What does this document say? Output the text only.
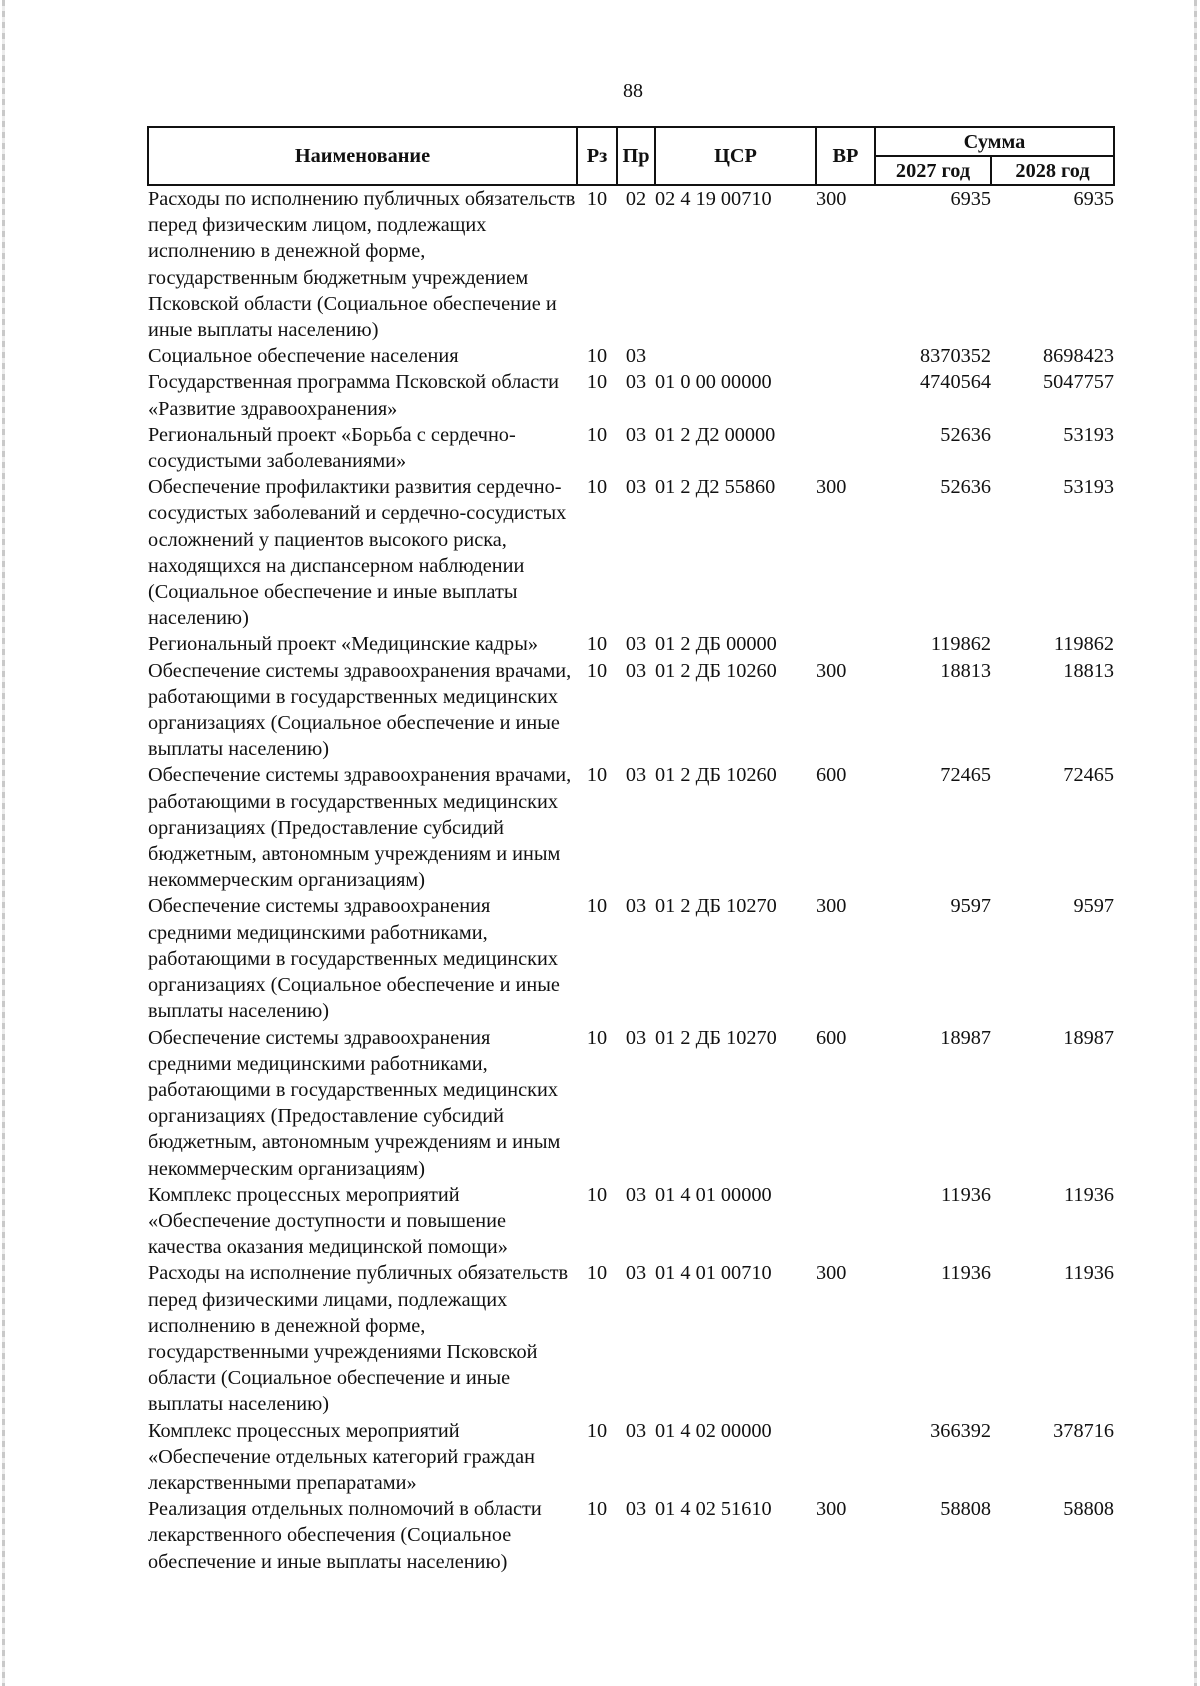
88
Наименование	Рз	Пр	ЦСР	ВР	Сумма	
					2027 год	2028 год
Расходы по исполнению публичных обязательств перед физическим лицом, подлежащих исполнению в денежной форме, государственным бюджетным учреждением Псковской области (Социальное обеспечение и иные выплаты населению)	10	02	02 4 19 00710	300	6935	6935
Социальное обеспечение населения	10	03			8370352	8698423
Государственная программа Псковской области «Развитие здравоохранения»	10	03	01 0 00 00000		4740564	5047757
Региональный проект «Борьба с сердечно-сосудистыми заболеваниями»	10	03	01 2 Д2 00000		52636	53193
Обеспечение профилактики развития сердечно-сосудистых заболеваний и сердечно-сосудистых осложнений у пациентов высокого риска, находящихся на диспансерном наблюдении (Социальное обеспечение и иные выплаты населению)	10	03	01 2 Д2 55860	300	52636	53193
Региональный проект «Медицинские кадры»	10	03	01 2 ДБ 00000		119862	119862
Обеспечение системы здравоохранения врачами, работающими в государственных медицинских организациях (Социальное обеспечение и иные выплаты населению)	10	03	01 2 ДБ 10260	300	18813	18813
Обеспечение системы здравоохранения врачами, работающими в государственных медицинских организациях (Предоставление субсидий бюджетным, автономным учреждениям и иным некоммерческим организациям)	10	03	01 2 ДБ 10260	600	72465	72465
Обеспечение системы здравоохранения средними медицинскими работниками, работающими в государственных медицинских организациях (Социальное обеспечение и иные выплаты населению)	10	03	01 2 ДБ 10270	300	9597	9597
Обеспечение системы здравоохранения средними медицинскими работниками, работающими в государственных медицинских организациях (Предоставление субсидий бюджетным, автономным учреждениям и иным некоммерческим организациям)	10	03	01 2 ДБ 10270	600	18987	18987
Комплекс процессных мероприятий «Обеспечение доступности и повышение качества оказания медицинской помощи»	10	03	01 4 01 00000		11936	11936
Расходы на исполнение публичных обязательств перед физическими лицами, подлежащих исполнению в денежной форме, государственными учреждениями Псковской области (Социальное обеспечение и иные выплаты населению)	10	03	01 4 01 00710	300	11936	11936
Комплекс процессных мероприятий «Обеспечение отдельных категорий граждан лекарственными препаратами»	10	03	01 4 02 00000		366392	378716
Реализация отдельных полномочий в области лекарственного обеспечения (Социальное обеспечение и иные выплаты населению)	10	03	01 4 02 51610	300	58808	58808
